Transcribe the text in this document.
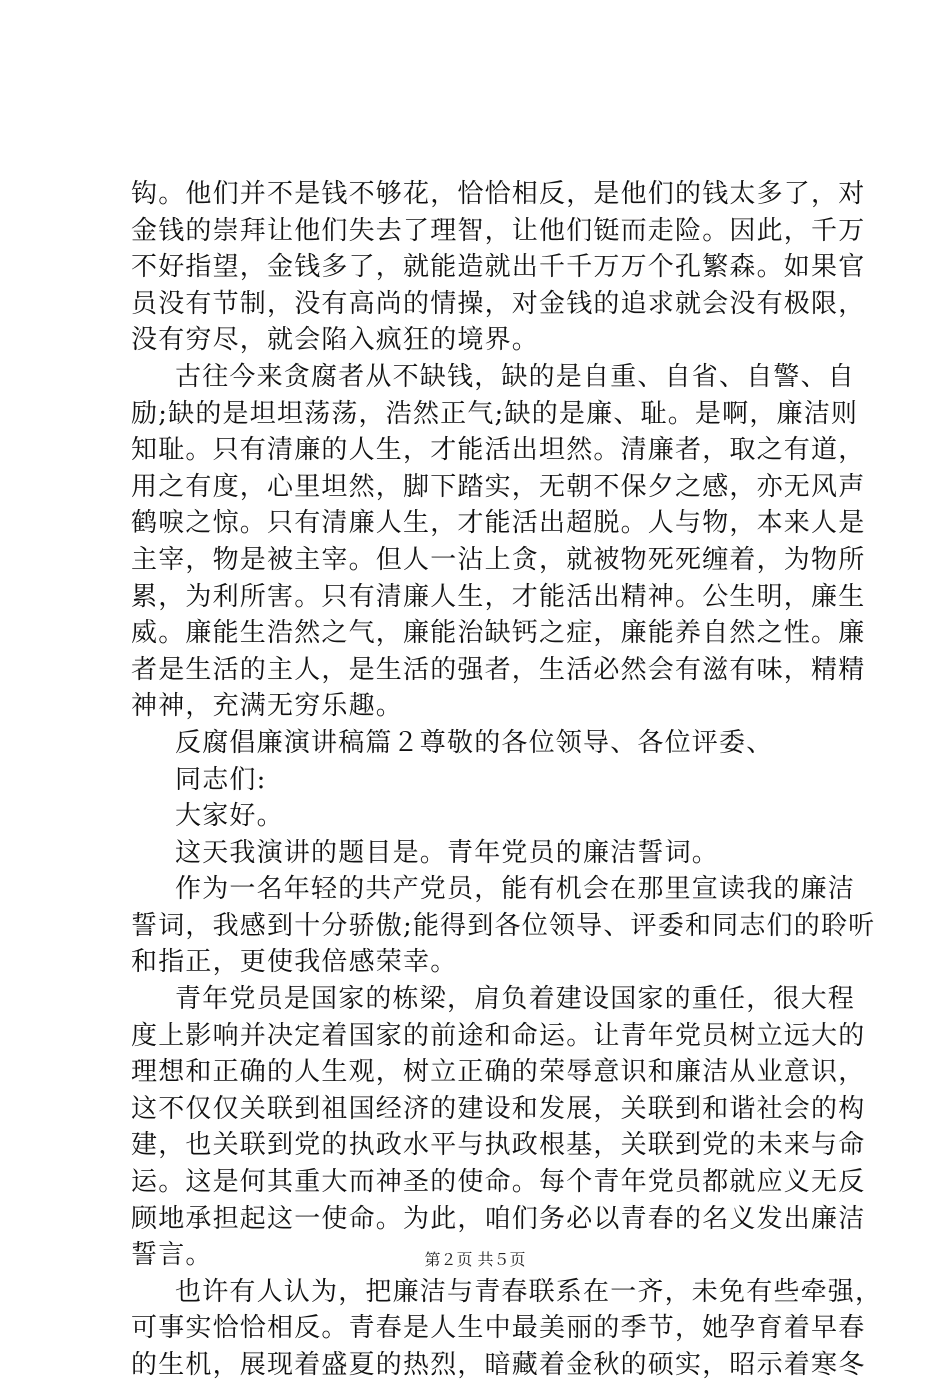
钩。他们并不是钱不够花，恰恰相反，是他们的钱太多了，对
金钱的崇拜让他们失去了理智，让他们铤而走险。因此，千万
不好指望，金钱多了，就能造就出千千万万个孔繁森。如果官
员没有节制，没有高尚的情操，对金钱的追求就会没有极限，
没有穷尽，就会陷入疯狂的境界。
古往今来贪腐者从不缺钱，缺的是自重、自省、自警、自
励;缺的是坦坦荡荡，浩然正气;缺的是廉、耻。是啊，廉洁则
知耻。只有清廉的人生，才能活出坦然。清廉者，取之有道，
用之有度，心里坦然，脚下踏实，无朝不保夕之感，亦无风声
鹤唳之惊。只有清廉人生，才能活出超脱。人与物，本来人是
主宰，物是被主宰。但人一沾上贪，就被物死死缠着，为物所
累，为利所害。只有清廉人生，才能活出精神。公生明，廉生
威。廉能生浩然之气，廉能治缺钙之症，廉能养自然之性。廉
者是生活的主人，是生活的强者，生活必然会有滋有味，精精
神神，充满无穷乐趣。
反腐倡廉演讲稿篇２尊敬的各位领导、各位评委、
同志们:
大家好。
这天我演讲的题目是。青年党员的廉洁誓词。
作为一名年轻的共产党员，能有机会在那里宣读我的廉洁
誓词，我感到十分骄傲;能得到各位领导、评委和同志们的聆听
和指正，更使我倍感荣幸。
青年党员是国家的栋梁，肩负着建设国家的重任，很大程
度上影响并决定着国家的前途和命运。让青年党员树立远大的
理想和正确的人生观，树立正确的荣辱意识和廉洁从业意识，
这不仅仅关联到祖国经济的建设和发展，关联到和谐社会的构
建，也关联到党的执政水平与执政根基，关联到党的未来与命
运。这是何其重大而神圣的使命。每个青年党员都就应义无反
顾地承担起这一使命。为此，咱们务必以青春的名义发出廉洁
誓言。
也许有人认为，把廉洁与青春联系在一齐，未免有些牵强，
可事实恰恰相反。青春是人生中最美丽的季节，她孕育着早春
的生机，展现着盛夏的热烈，暗藏着金秋的硕实，昭示着寒冬
第２页 共５页
